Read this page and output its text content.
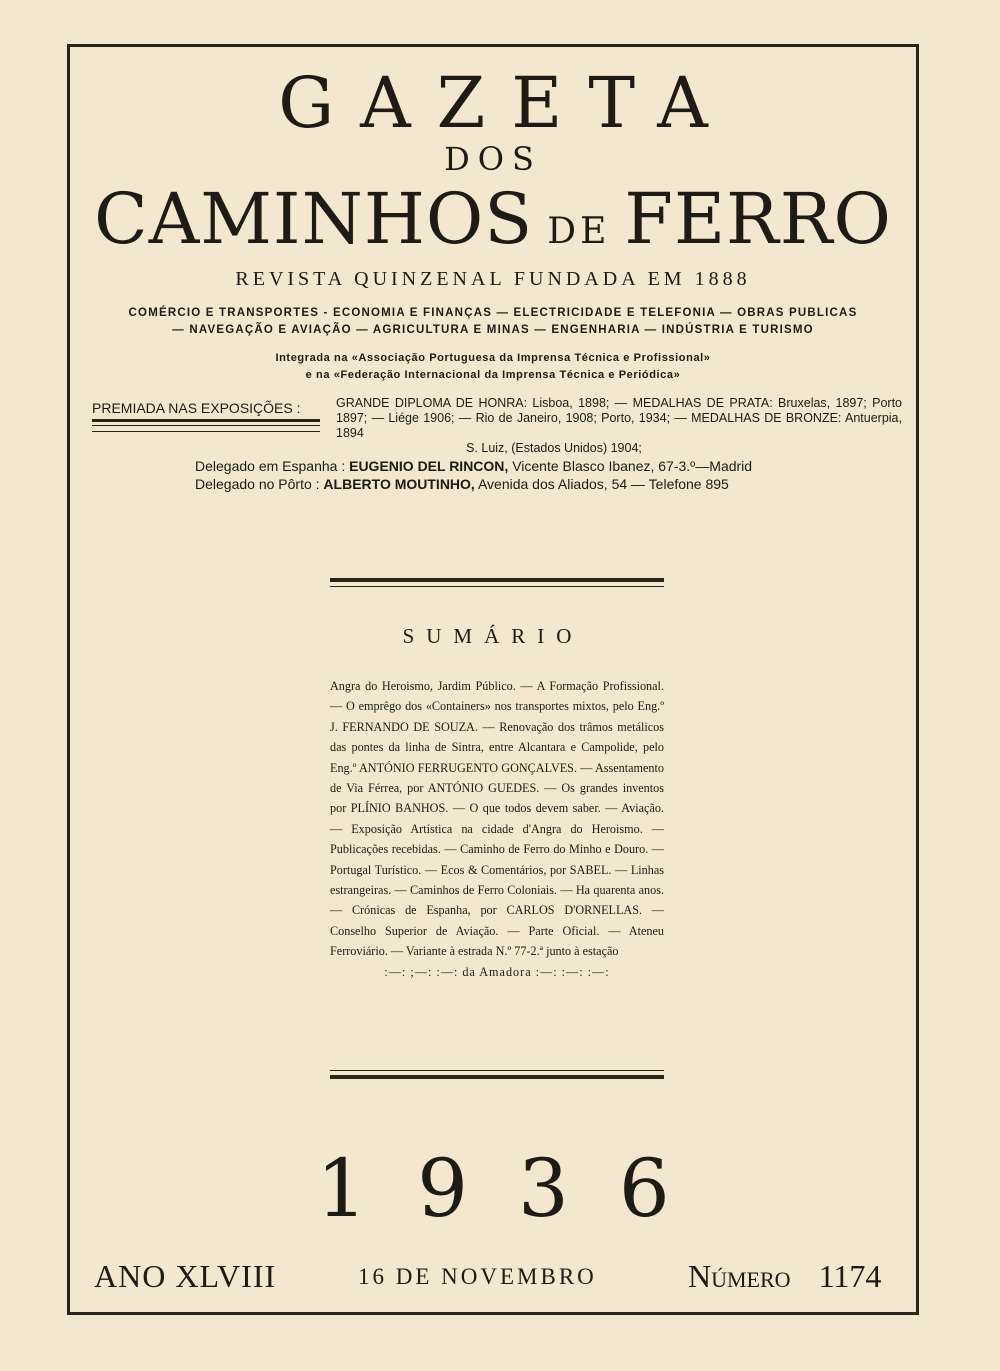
GAZETA
DOS
CAMINHOS DE FERRO
REVISTA QUINZENAL FUNDADA EM 1888
COMÉRCIO E TRANSPORTES - ECONOMIA E FINANÇAS — ELECTRICIDADE E TELEFONIA — OBRAS PUBLICAS
— NAVEGAÇÃO E AVIAÇÃO — AGRICULTURA E MINAS — ENGENHARIA — INDÚSTRIA E TURISMO
Integrada na «Associação Portuguesa da Imprensa Técnica e Profissional»
e na «Federação Internacional da Imprensa Técnica e Periódica»
PREMIADA NAS EXPOSIÇÕES :	GRANDE DIPLOMA DE HONRA: Lisboa, 1898; — MEDALHAS DE PRATA: Bruxelas, 1897; Porto 1897; — Liége 1906; — Rio de Janeiro, 1908; Porto, 1934; — MEDALHAS DE BRONZE: Antuerpia, 1894
S. Luiz, (Estados Unidos) 1904;
Delegado em Espanha : EUGENIO DEL RINCON, Vicente Blasco Ibanez, 67-3.º—Madrid
Delegado no Pôrto : ALBERTO MOUTINHO, Avenida dos Aliados, 54 — Telefone 895
SUMÁRIO

Angra do Heroismo, Jardim Público. — A Formação Profissional. — O emprêgo dos «Containers» nos transportes mixtos, pelo Eng.º J. FERNANDO DE SOUZA. — Renovação dos trâmos metálicos das pontes da linha de Sintra, entre Alcantara e Campolide, pelo Eng.º ANTÓNIO FERRUGENTO GONÇALVES. — Assentamento de Via Férrea, por ANTÓNIO GUEDES. — Os grandes inventos por PLÍNIO BANHOS. — O que todos devem saber. — Aviação. — Exposição Artística na cidade d'Angra do Heroismo. — Publicações recebidas. — Caminho de Ferro do Minho e Douro. — Portugal Turístico. — Ecos & Comentários, por SABEL. — Linhas estrangeiras. — Caminhos de Ferro Coloniais. — Ha quarenta anos. — Crónicas de Espanha, por CARLOS D'ORNELLAS. — Conselho Superior de Aviação. — Parte Oficial. — Ateneu Ferroviário. — Variante à estrada N.º 77-2.ª junto à estação

:—: ;—: :—: da Amadora :—: :—: :—:

1936
ANO XLVIII	16 DE NOVEMBRO	Número 1174
